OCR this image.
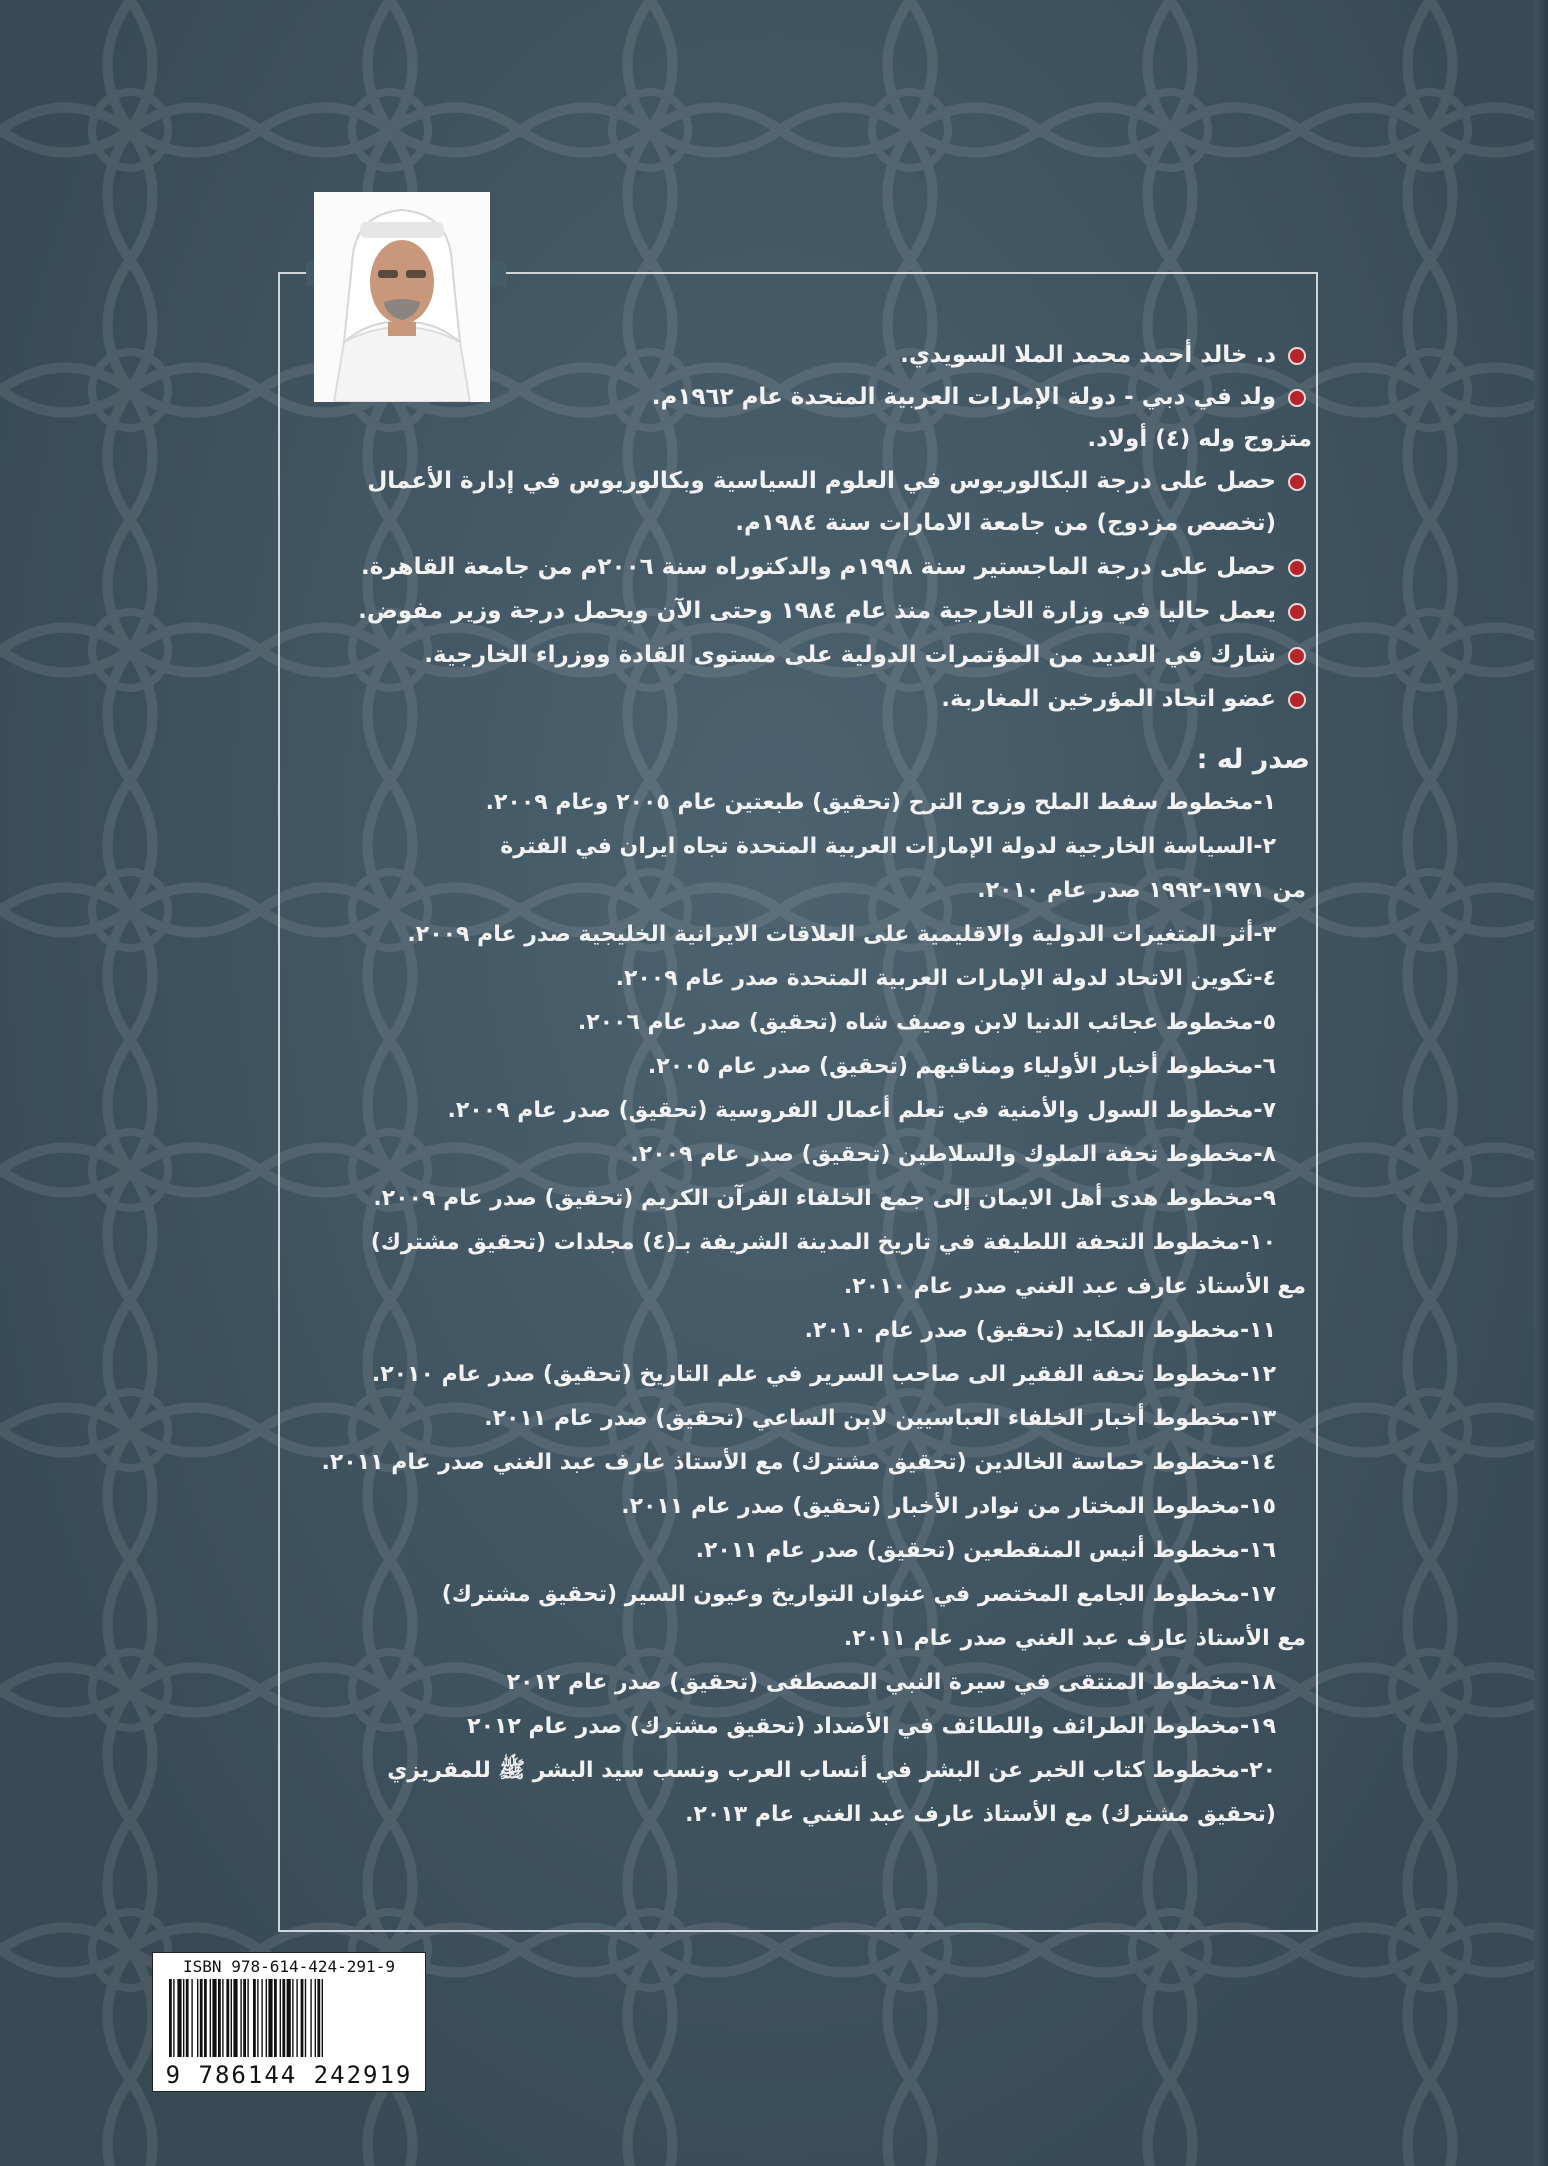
د. خالد أحمد محمد الملا السويدي.
ولد في دبي - دولة الإمارات العربية المتحدة عام ١٩٦٢م.
متزوج وله (٤) أولاد.
حصل على درجة البكالوريوس في العلوم السياسية وبكالوريوس في إدارة الأعمال
(تخصص مزدوج) من جامعة الامارات سنة ١٩٨٤م.
حصل على درجة الماجستير سنة ١٩٩٨م والدكتوراه سنة ٢٠٠٦م من جامعة القاهرة.
يعمل حاليا في وزارة الخارجية منذ عام ١٩٨٤ وحتى الآن ويحمل درجة وزير مفوض.
شارك في العديد من المؤتمرات الدولية على مستوى القادة ووزراء الخارجية.
عضو اتحاد المؤرخين المغاربة.
صدر له :
١-مخطوط سفط الملح وزوح الترح (تحقيق) طبعتين عام ٢٠٠٥ وعام ٢٠٠٩.
٢-السياسة الخارجية لدولة الإمارات العربية المتحدة تجاه ايران في الفترة
من ١٩٧١-١٩٩٢ صدر عام ٢٠١٠.
٣-أثر المتغيرات الدولية والاقليمية على العلاقات الايرانية الخليجية صدر عام ٢٠٠٩.
٤-تكوين الاتحاد لدولة الإمارات العربية المتحدة صدر عام ٢٠٠٩.
٥-مخطوط عجائب الدنيا لابن وصيف شاه (تحقيق) صدر عام ٢٠٠٦.
٦-مخطوط أخبار الأولياء ومناقبهم (تحقيق) صدر عام ٢٠٠٥.
٧-مخطوط السول والأمنية في تعلم أعمال الفروسية (تحقيق) صدر عام ٢٠٠٩.
٨-مخطوط تحفة الملوك والسلاطين (تحقيق) صدر عام ٢٠٠٩.
٩-مخطوط هدى أهل الايمان إلى جمع الخلفاء القرآن الكريم (تحقيق) صدر عام ٢٠٠٩.
١٠-مخطوط التحفة اللطيفة في تاريخ المدينة الشريفة بـ(٤) مجلدات (تحقيق مشترك)
مع الأستاذ عارف عبد الغني صدر عام ٢٠١٠.
١١-مخطوط المكايد (تحقيق) صدر عام ٢٠١٠.
١٢-مخطوط تحفة الفقير الى صاحب السرير في علم التاريخ (تحقيق) صدر عام ٢٠١٠.
١٣-مخطوط أخبار الخلفاء العباسيين لابن الساعي (تحقيق) صدر عام ٢٠١١.
١٤-مخطوط حماسة الخالدين (تحقيق مشترك) مع الأستاذ عارف عبد الغني صدر عام ٢٠١١.
١٥-مخطوط المختار من نوادر الأخبار (تحقيق) صدر عام ٢٠١١.
١٦-مخطوط أنيس المنقطعين (تحقيق) صدر عام ٢٠١١.
١٧-مخطوط الجامع المختصر في عنوان التواريخ وعيون السير (تحقيق مشترك)
مع الأستاذ عارف عبد الغني صدر عام ٢٠١١.
١٨-مخطوط المنتقى في سيرة النبي المصطفى (تحقيق) صدر عام ٢٠١٢
١٩-مخطوط الطرائف واللطائف في الأضداد (تحقيق مشترك) صدر عام ٢٠١٢
٢٠-مخطوط كتاب الخبر عن البشر في أنساب العرب ونسب سيد البشر ﷺ للمقريزي
(تحقيق مشترك) مع الأستاذ عارف عبد الغني عام ٢٠١٣.
ISBN 978-614-424-291-9
9 786144 242919
